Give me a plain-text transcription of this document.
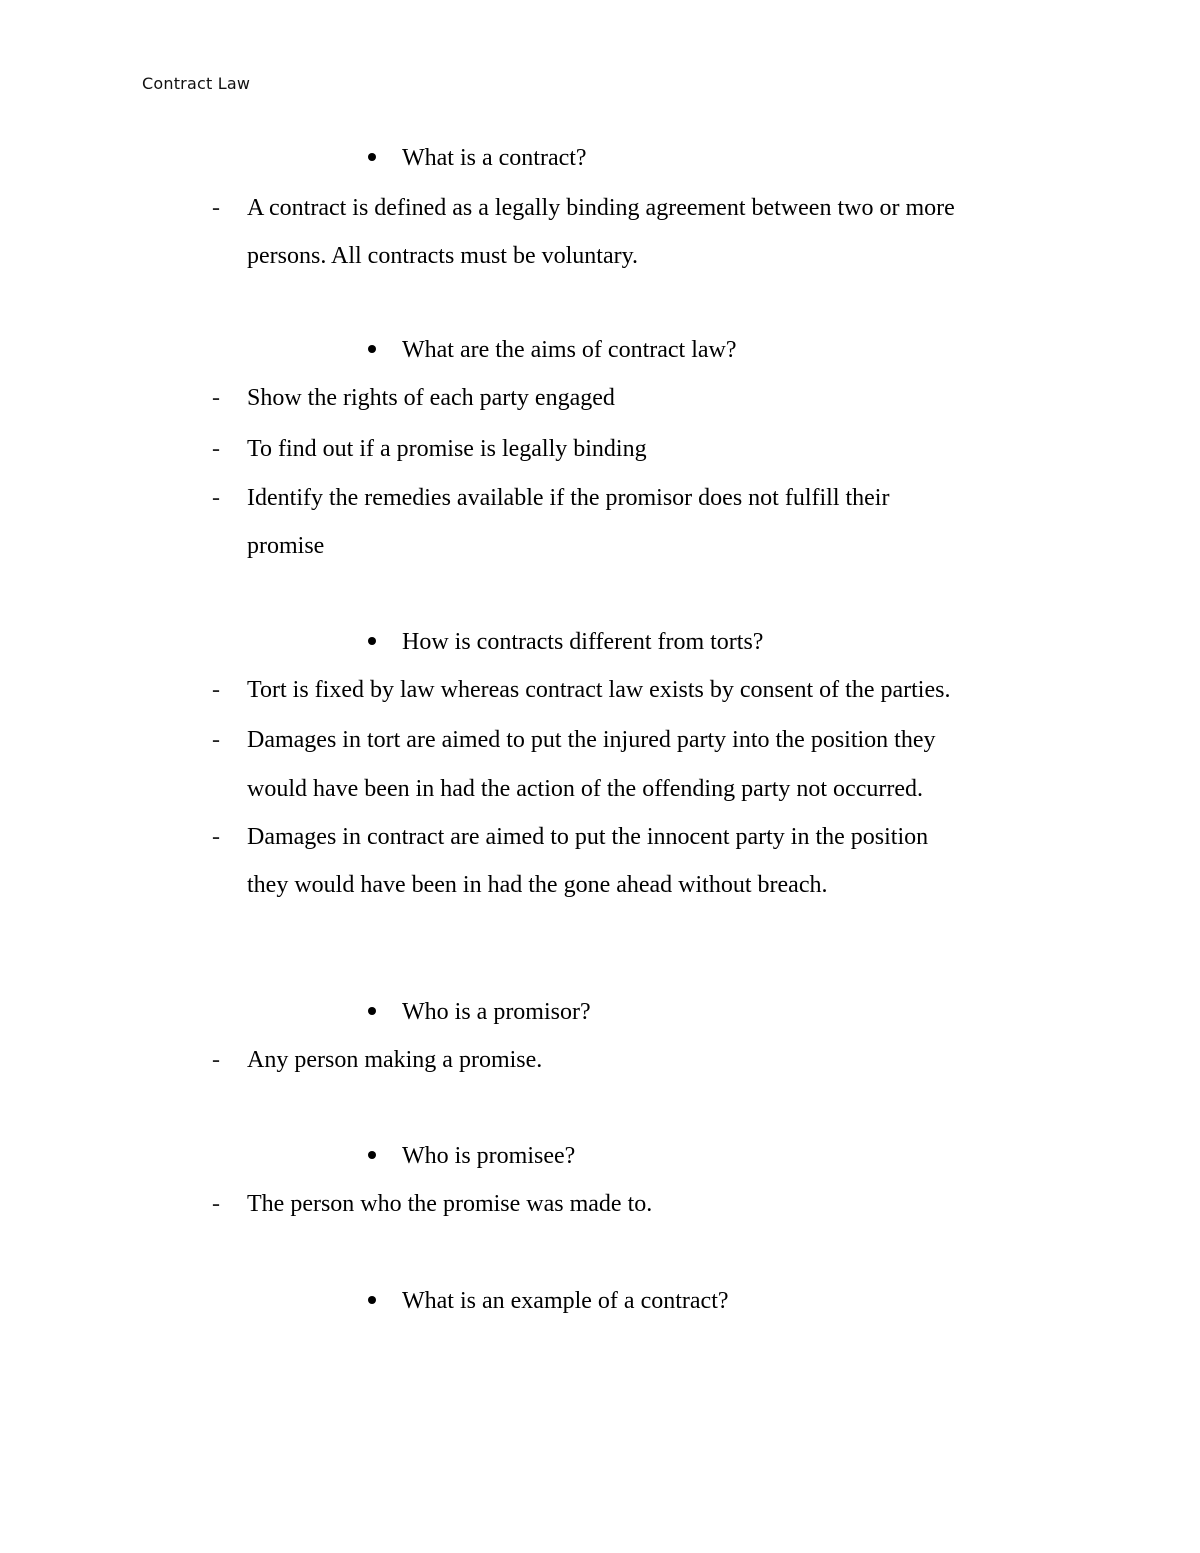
Contract Law
What is a contract?
- A contract is defined as a legally binding agreement between two or more
persons. All contracts must be voluntary.
What are the aims of contract law?
- Show the rights of each party engaged
- To find out if a promise is legally binding
- Identify the remedies available if the promisor does not fulfill their
promise
How is contracts different from torts?
- Tort is fixed by law whereas contract law exists by consent of the parties.
- Damages in tort are aimed to put the injured party into the position they
would have been in had the action of the offending party not occurred.
- Damages in contract are aimed to put the innocent party in the position
they would have been in had the gone ahead without breach.
Who is a promisor?
- Any person making a promise.
Who is promisee?
- The person who the promise was made to.
What is an example of a contract?
